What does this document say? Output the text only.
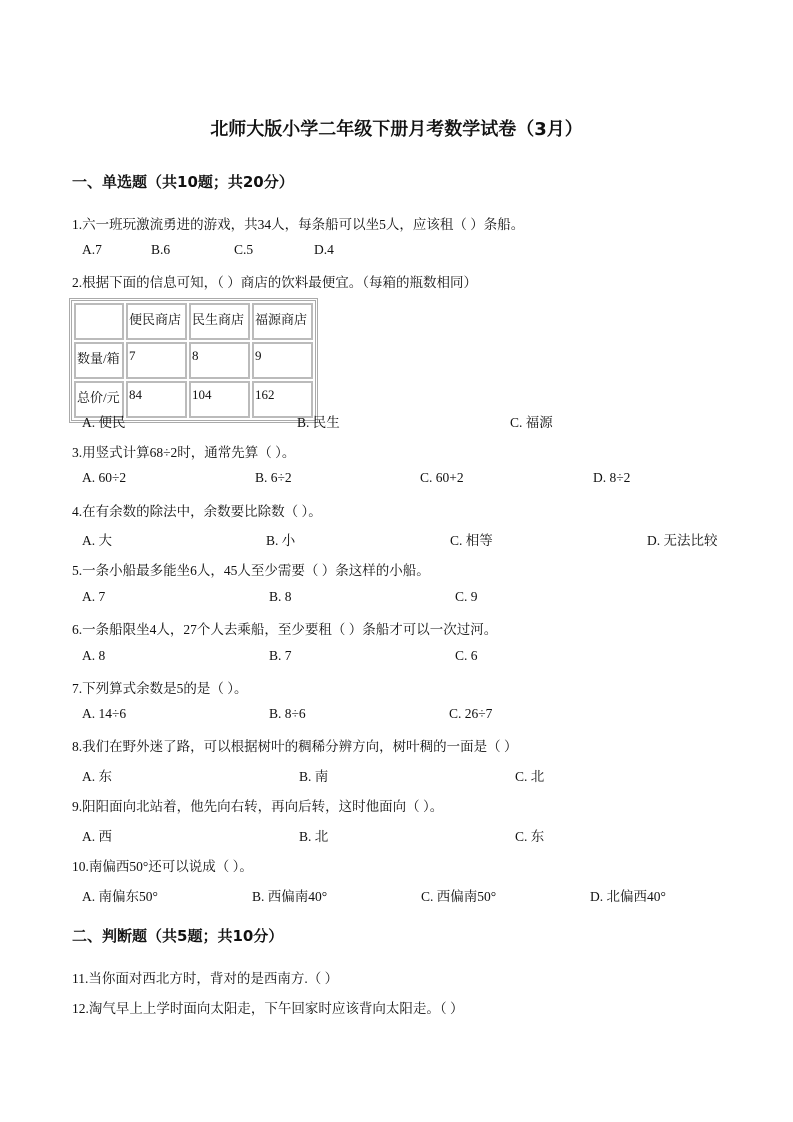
北师大版小学二年级下册月考数学试卷（3月）
一、单选题（共10题；共20分）
1.六一班玩激流勇进的游戏，共34人，每条船可以坐5人，应该租（ ）条船。
A.7	B.6	C.5	D.4
2.根据下面的信息可知，（ ）商店的饮料最便宜。（每箱的瓶数相同）
	便民商店	民生商店	福源商店
数量/箱	7	8	9
总价/元	84	104	162
A. 便民	B. 民生	C. 福源
3.用竖式计算68÷2时，通常先算（ ）。
A. 60÷2	B. 6÷2	C. 60+2	D. 8÷2
4.在有余数的除法中，余数要比除数（ ）。
A. 大	B. 小	C. 相等	D. 无法比较
5.一条小船最多能坐6人，45人至少需要（ ）条这样的小船。
A. 7	B. 8	C. 9
6.一条船限坐4人，27个人去乘船，至少要租（ ）条船才可以一次过河。
A. 8	B. 7	C. 6
7.下列算式余数是5的是（ ）。
A. 14÷6	B. 8÷6	C. 26÷7
8.我们在野外迷了路，可以根据树叶的稠稀分辨方向，树叶稠的一面是（ ）
A. 东	B. 南	C. 北
9.阳阳面向北站着，他先向右转，再向后转，这时他面向（ ）。
A. 西	B. 北	C. 东
10.南偏西50°还可以说成（ ）。
A. 南偏东50°	B. 西偏南40°	C. 西偏南50°	D. 北偏西40°
二、判断题（共5题；共10分）
11.当你面对西北方时，背对的是西南方.（ ）
12.淘气早上上学时面向太阳走，下午回家时应该背向太阳走。（ ）
